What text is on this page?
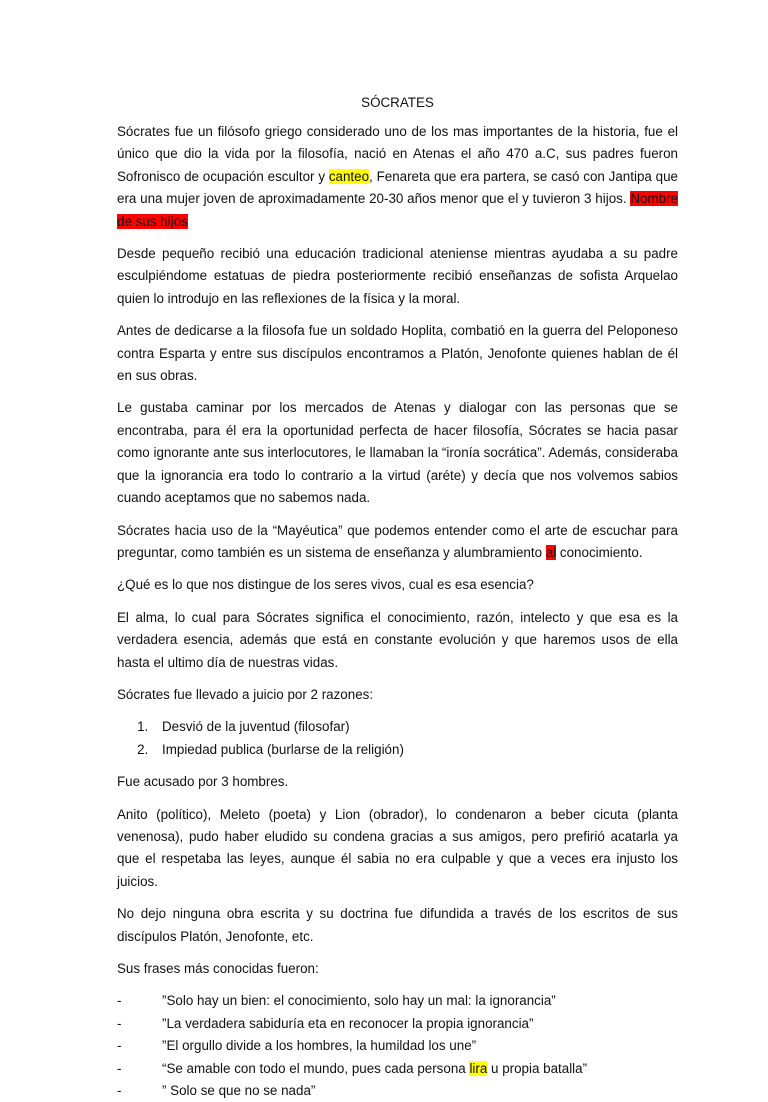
SÓCRATES

Sócrates fue un filósofo griego considerado uno de los mas importantes de la historia, fue el único que dio la vida por la filosofía, nació en Atenas el año 470 a.C, sus padres fueron Sofronisco de ocupación escultor y canteo, Fenareta que era partera, se casó con Jantipa que era una mujer joven de aproximadamente 20-30 años menor que el y tuvieron 3 hijos. Nombre de sus hijos

Desde pequeño recibió una educación tradicional ateniense mientras ayudaba a su padre esculpiéndome estatuas de piedra posteriormente recibió enseñanzas de sofista Arquelao quien lo introdujo en las reflexiones de la física y la moral.

Antes de dedicarse a la filosofa fue un soldado Hoplita, combatió en la guerra del Peloponeso contra Esparta y entre sus discípulos encontramos a Platón, Jenofonte quienes hablan de él en sus obras.

Le gustaba caminar por los mercados de Atenas y dialogar con las personas que se encontraba, para él era la oportunidad perfecta de hacer filosofía, Sócrates se hacia pasar como ignorante ante sus interlocutores, le llamaban la “ironía socrática”. Además, consideraba que la ignorancia era todo lo contrario a la virtud (aréte) y decía que nos volvemos sabios cuando aceptamos que no sabemos nada.

Sócrates hacia uso de la “Mayéutica” que podemos entender como el arte de escuchar para preguntar, como también es un sistema de enseñanza y alumbramiento al conocimiento.

¿Qué es lo que nos distingue de los seres vivos, cual es esa esencia?

El alma, lo cual para Sócrates significa el conocimiento, razón, intelecto y que esa es la verdadera esencia, además que está en constante evolución y que haremos usos de ella hasta el ultimo día de nuestras vidas.

Sócrates fue llevado a juicio por 2 razones:

1. Desvió de la juventud (filosofar)
2. Impiedad publica (burlarse de la religión)

Fue acusado por 3 hombres.

Anito (político), Meleto (poeta) y Lion (obrador), lo condenaron a beber cicuta (planta venenosa), pudo haber eludido su condena gracias a sus amigos, pero prefirió acatarla ya que el respetaba las leyes, aunque él sabia no era culpable y que a veces era injusto los juicios.

No dejo ninguna obra escrita y su doctrina fue difundida a través de los escritos de sus discípulos Platón, Jenofonte, etc.

Sus frases más conocidas fueron:

-	”Solo hay un bien: el conocimiento, solo hay un mal: la ignorancia”
-	”La verdadera sabiduría eta en reconocer la propia ignorancia”
-	”El orgullo divide a los hombres, la humildad los une”
-	“Se amable con todo el mundo, pues cada persona lira u propia batalla”
-	” Solo se que no se nada”
